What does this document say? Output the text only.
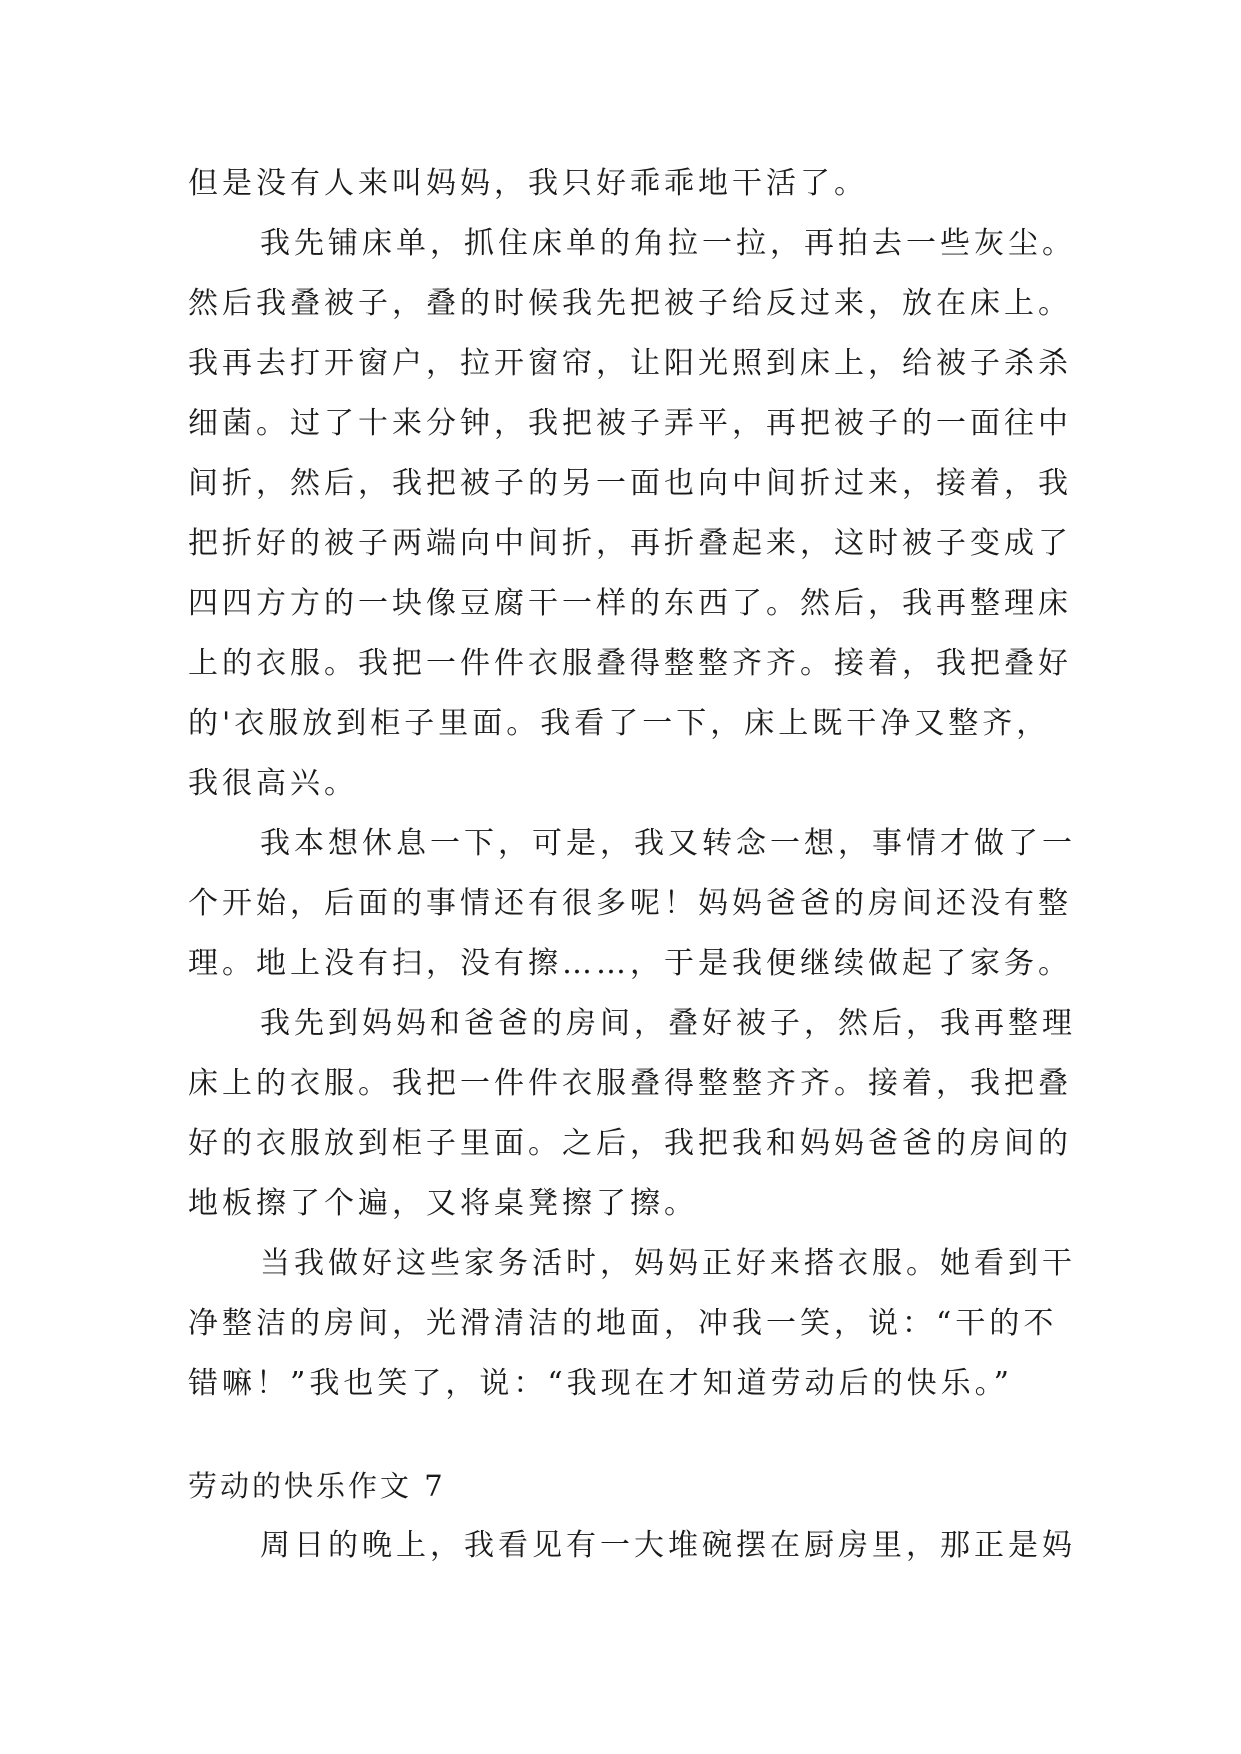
但是没有人来叫妈妈，我只好乖乖地干活了。
我先铺床单，抓住床单的角拉一拉，再拍去一些灰尘。
然后我叠被子，叠的时候我先把被子给反过来，放在床上。
我再去打开窗户，拉开窗帘，让阳光照到床上，给被子杀杀
细菌。过了十来分钟，我把被子弄平，再把被子的一面往中
间折，然后，我把被子的另一面也向中间折过来，接着，我
把折好的被子两端向中间折，再折叠起来，这时被子变成了
四四方方的一块像豆腐干一样的东西了。然后，我再整理床
上的衣服。我把一件件衣服叠得整整齐齐。接着，我把叠好
的'衣服放到柜子里面。我看了一下，床上既干净又整齐，
我很高兴。
我本想休息一下，可是，我又转念一想，事情才做了一
个开始，后面的事情还有很多呢！妈妈爸爸的房间还没有整
理。地上没有扫，没有擦……，于是我便继续做起了家务。
我先到妈妈和爸爸的房间，叠好被子，然后，我再整理
床上的衣服。我把一件件衣服叠得整整齐齐。接着，我把叠
好的衣服放到柜子里面。之后，我把我和妈妈爸爸的房间的
地板擦了个遍，又将桌凳擦了擦。
当我做好这些家务活时，妈妈正好来搭衣服。她看到干
净整洁的房间，光滑清洁的地面，冲我一笑，说：“干的不
错嘛！”我也笑了，说：“我现在才知道劳动后的快乐。”
劳动的快乐作文 7
周日的晚上，我看见有一大堆碗摆在厨房里，那正是妈
